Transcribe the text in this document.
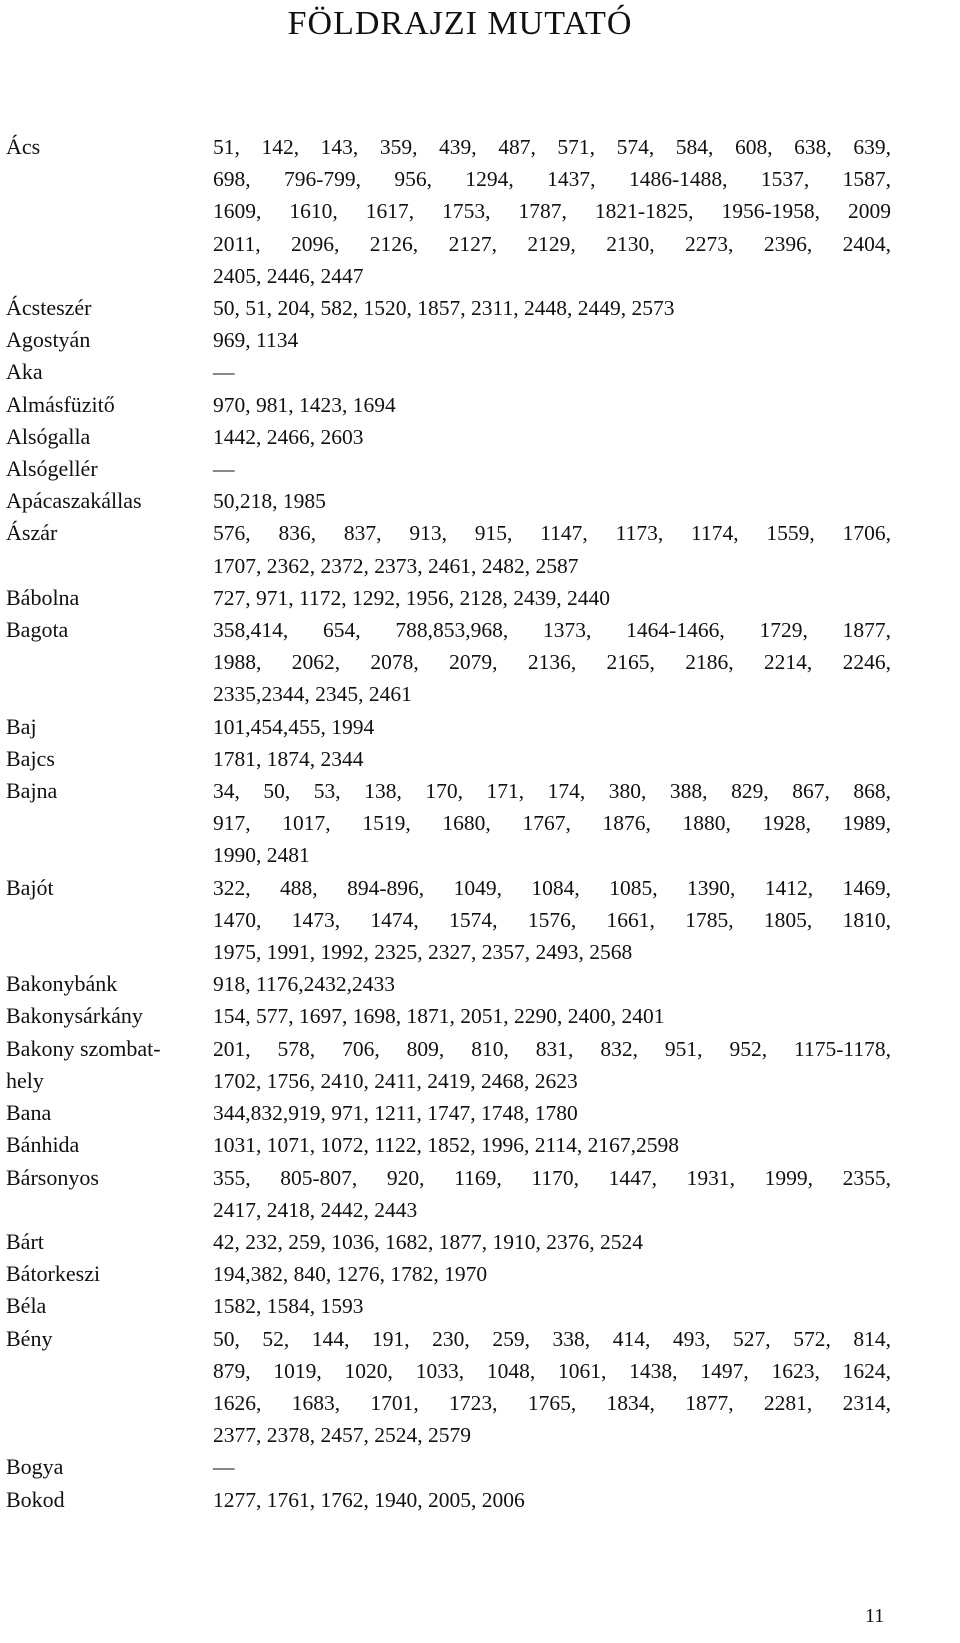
FÖLDRAJZI MUTATÓ
Ács	51, 142, 143, 359, 439, 487, 571, 574, 584, 608, 638, 639,
698, 796-799, 956, 1294, 1437, 1486-1488, 1537, 1587,
1609, 1610, 1617, 1753, 1787, 1821-1825, 1956-1958, 2009
2011, 2096, 2126, 2127, 2129, 2130, 2273, 2396, 2404,
2405, 2446, 2447
Ácsteszér	50, 51, 204, 582, 1520, 1857, 2311, 2448, 2449, 2573
Agostyán	969, 1134
Aka	—
Almásfüzitő	970, 981, 1423, 1694
Alsógalla	1442, 2466, 2603
Alsógellér	—
Apácaszakállas	50,218, 1985
Ászár	576, 836, 837, 913, 915, 1147, 1173, 1174, 1559, 1706,
1707, 2362, 2372, 2373, 2461, 2482, 2587
Bábolna	727, 971, 1172, 1292, 1956, 2128, 2439, 2440
Bagota	358,414, 654, 788,853,968, 1373, 1464-1466, 1729, 1877,
1988, 2062, 2078, 2079, 2136, 2165, 2186, 2214, 2246,
2335,2344, 2345, 2461
Baj	101,454,455, 1994
Bajcs	1781, 1874, 2344
Bajna	34, 50, 53, 138, 170, 171, 174, 380, 388, 829, 867, 868,
917, 1017, 1519, 1680, 1767, 1876, 1880, 1928, 1989,
1990, 2481
Bajót	322, 488, 894-896, 1049, 1084, 1085, 1390, 1412, 1469,
1470, 1473, 1474, 1574, 1576, 1661, 1785, 1805, 1810,
1975, 1991, 1992, 2325, 2327, 2357, 2493, 2568
Bakonybánk	918, 1176,2432,2433
Bakonysárkány	154, 577, 1697, 1698, 1871, 2051, 2290, 2400, 2401
Bakony szombat-	201, 578, 706, 809, 810, 831, 832, 951, 952, 1175-1178,
hely	1702, 1756, 2410, 2411, 2419, 2468, 2623
Bana	344,832,919, 971, 1211, 1747, 1748, 1780
Bánhida	1031, 1071, 1072, 1122, 1852, 1996, 2114, 2167,2598
Bársonyos	355, 805-807, 920, 1169, 1170, 1447, 1931, 1999, 2355,
2417, 2418, 2442, 2443
Bárt	42, 232, 259, 1036, 1682, 1877, 1910, 2376, 2524
Bátorkeszi	194,382, 840, 1276, 1782, 1970
Béla	1582, 1584, 1593
Bény	50, 52, 144, 191, 230, 259, 338, 414, 493, 527, 572, 814,
879, 1019, 1020, 1033, 1048, 1061, 1438, 1497, 1623, 1624,
1626, 1683, 1701, 1723, 1765, 1834, 1877, 2281, 2314,
2377, 2378, 2457, 2524, 2579
Bogya	—
Bokod	1277, 1761, 1762, 1940, 2005, 2006
11
